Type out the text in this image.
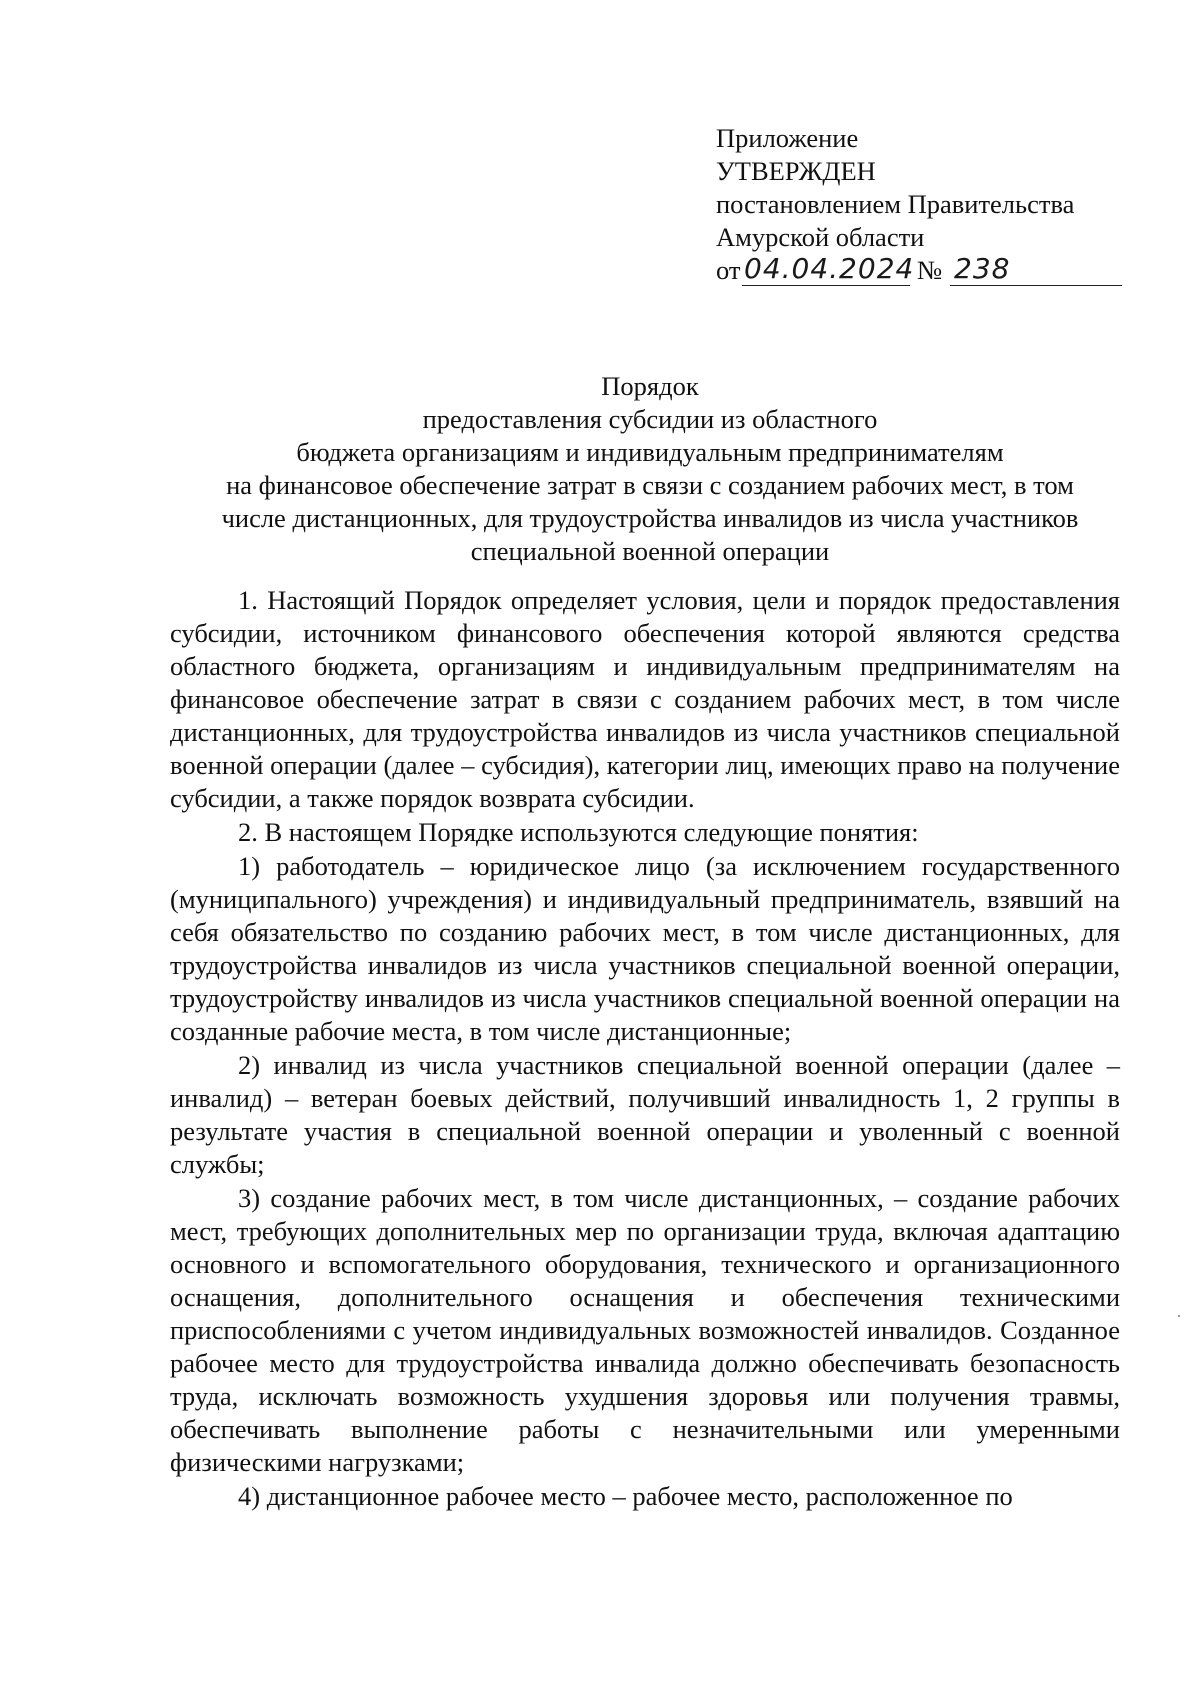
Приложение
УТВЕРЖДЕН
постановлением Правительства
Амурской области
от 04.04.2024 № 238
Порядок
предоставления субсидии из областного
бюджета организациям и индивидуальным предпринимателям
на финансовое обеспечение затрат в связи с созданием рабочих мест, в том
числе дистанционных, для трудоустройства инвалидов из числа участников
специальной военной операции

1. Настоящий Порядок определяет условия, цели и порядок предоставления субсидии, источником финансового обеспечения которой являются средства областного бюджета, организациям и индивидуальным предпринимателям на финансовое обеспечение затрат в связи с созданием рабочих мест, в том числе дистанционных, для трудоустройства инвалидов из числа участников специальной военной операции (далее – субсидия), категории лиц, имеющих право на получение субсидии, а также порядок возврата субсидии.

2. В настоящем Порядке используются следующие понятия:

1) работодатель – юридическое лицо (за исключением государственного (муниципального) учреждения) и индивидуальный предприниматель, взявший на себя обязательство по созданию рабочих мест, в том числе дистанционных, для трудоустройства инвалидов из числа участников специальной военной операции, трудоустройству инвалидов из числа участников специальной военной операции на созданные рабочие места, в том числе дистанционные;

2) инвалид из числа участников специальной военной операции (далее – инвалид) – ветеран боевых действий, получивший инвалидность 1, 2 группы в результате участия в специальной военной операции и уволенный с военной службы;

3) создание рабочих мест, в том числе дистанционных, – создание рабочих мест, требующих дополнительных мер по организации труда, включая адаптацию основного и вспомогательного оборудования, технического и организационного оснащения, дополнительного оснащения и обеспечения техническими приспособлениями с учетом индивидуальных возможностей инвалидов. Созданное рабочее место для трудоустройства инвалида должно обеспечивать безопасность труда, исключать возможность ухудшения здоровья или получения травмы, обеспечивать выполнение работы с незначительными или умеренными физическими нагрузками;

4) дистанционное рабочее место – рабочее место, расположенное по
